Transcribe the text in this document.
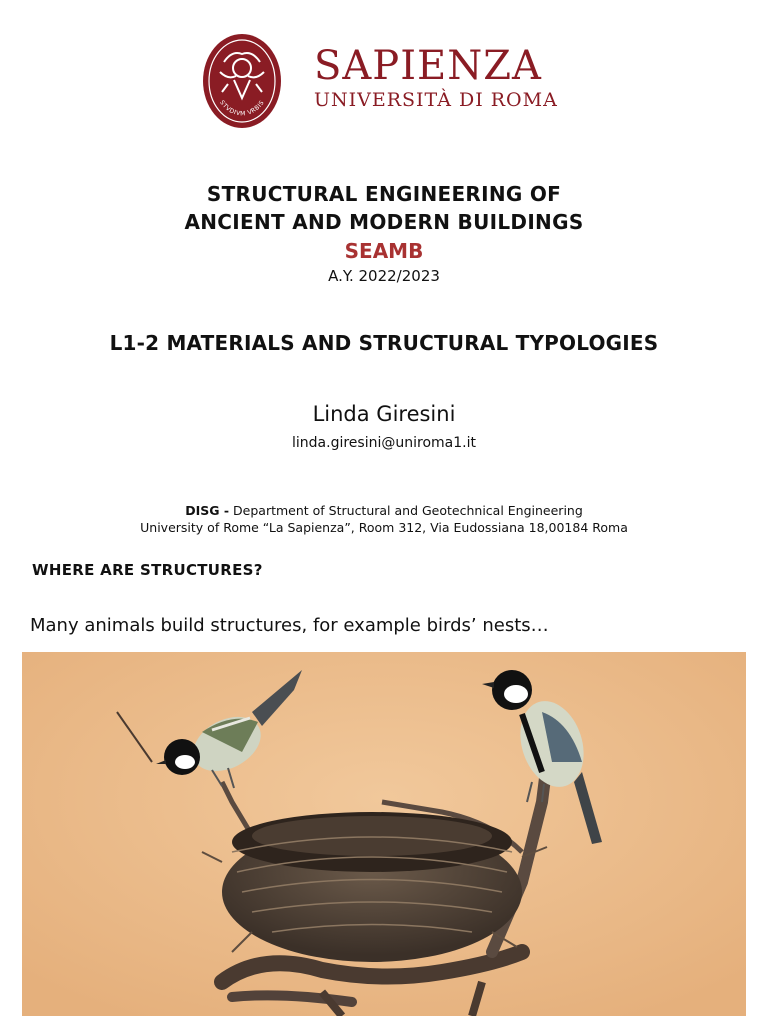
STVDIVM VRBIS
SAPIENZA
UNIVERSITÀ DI ROMA
STRUCTURAL ENGINEERING OF
ANCIENT AND MODERN BUILDINGS
SEAMB
A.Y. 2022/2023
L1-2 MATERIALS AND STRUCTURAL TYPOLOGIES
Linda Giresini
linda.giresini@uniroma1.it
DISG - Department of Structural and Geotechnical Engineering
University of Rome “La Sapienza”, Room 312, Via Eudossiana 18,00184 Roma
WHERE ARE STRUCTURES?
Many animals build structures, for example birds’ nests…
